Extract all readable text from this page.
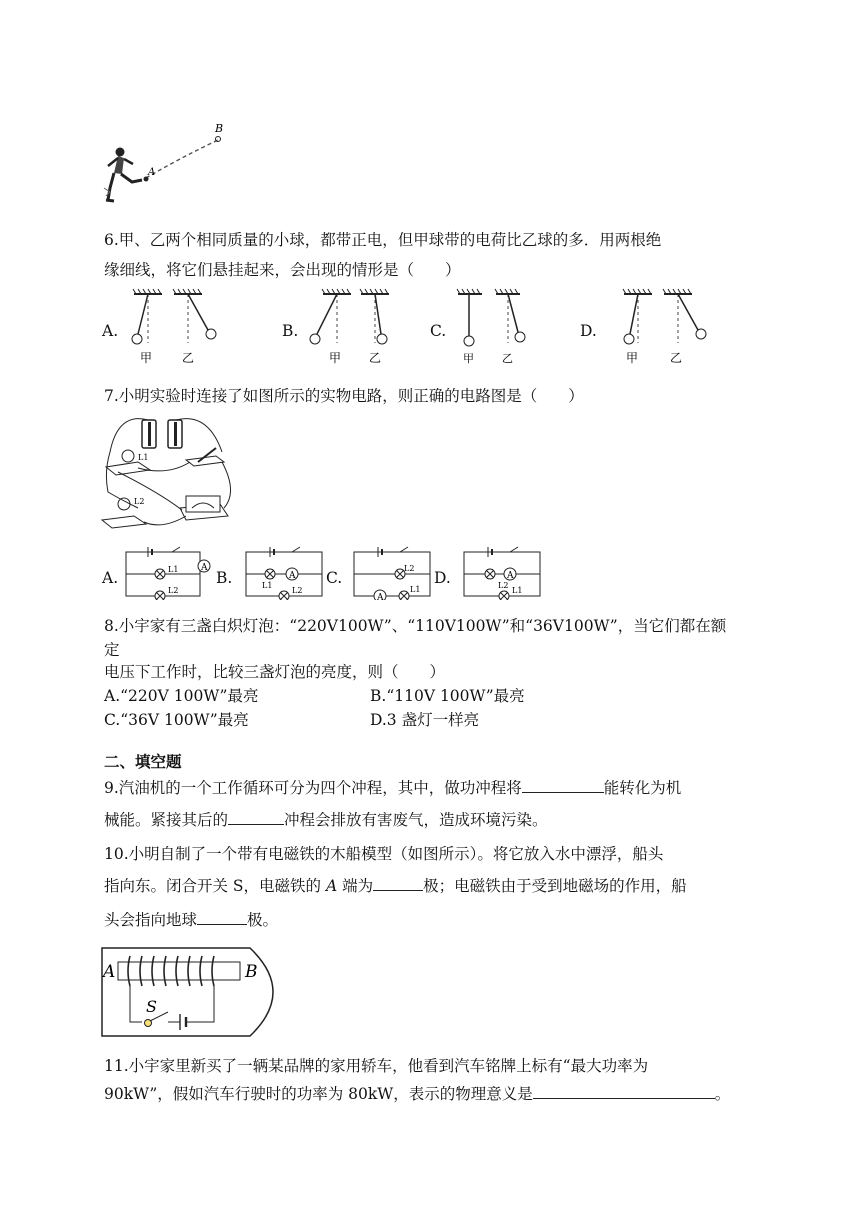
A
B
6.甲、乙两个相同质量的小球，都带正电，但甲球带的电荷比乙球的多．用两根绝
缘细线，将它们悬挂起来，会出现的情形是（　　）
A.
甲 乙
B.
甲 乙
C.
甲	乙
D.
甲	乙
7.小明实验时连接了如图所示的实物电路，则正确的电路图是（　　）
L1
L2
A.
A
L1
L2
B.	A
L1
L2
C.
A
L2
L1
D.	A
L2
L1
8.小宇家有三盏白炽灯泡：“220V100W”、“110V100W”和“36V100W”，当它们都在额
定
电压下工作时，比较三盏灯泡的亮度，则（　　）
A.“220V 100W”最亮	B.“110V 100W”最亮
C.“36V 100W”最亮	D.3 盏灯一样亮
二、填空题
9.汽油机的一个工作循环可分为四个冲程，其中，做功冲程将	能转化为机
械能。紧接其后的	冲程会排放有害废气，造成环境污染。
10.小明自制了一个带有电磁铁的木船模型（如图所示）。将它放入水中漂浮，船头
指向东。闭合开关 S，电磁铁的 A 端为	极；电磁铁由于受到地磁场的作用，船
头会指向地球	极。
A	B
S
11.小宇家里新买了一辆某品牌的家用轿车，他看到汽车铭牌上标有“最大功率为
90kW”，假如汽车行驶时的功率为 80kW，表示的物理意义是	。
